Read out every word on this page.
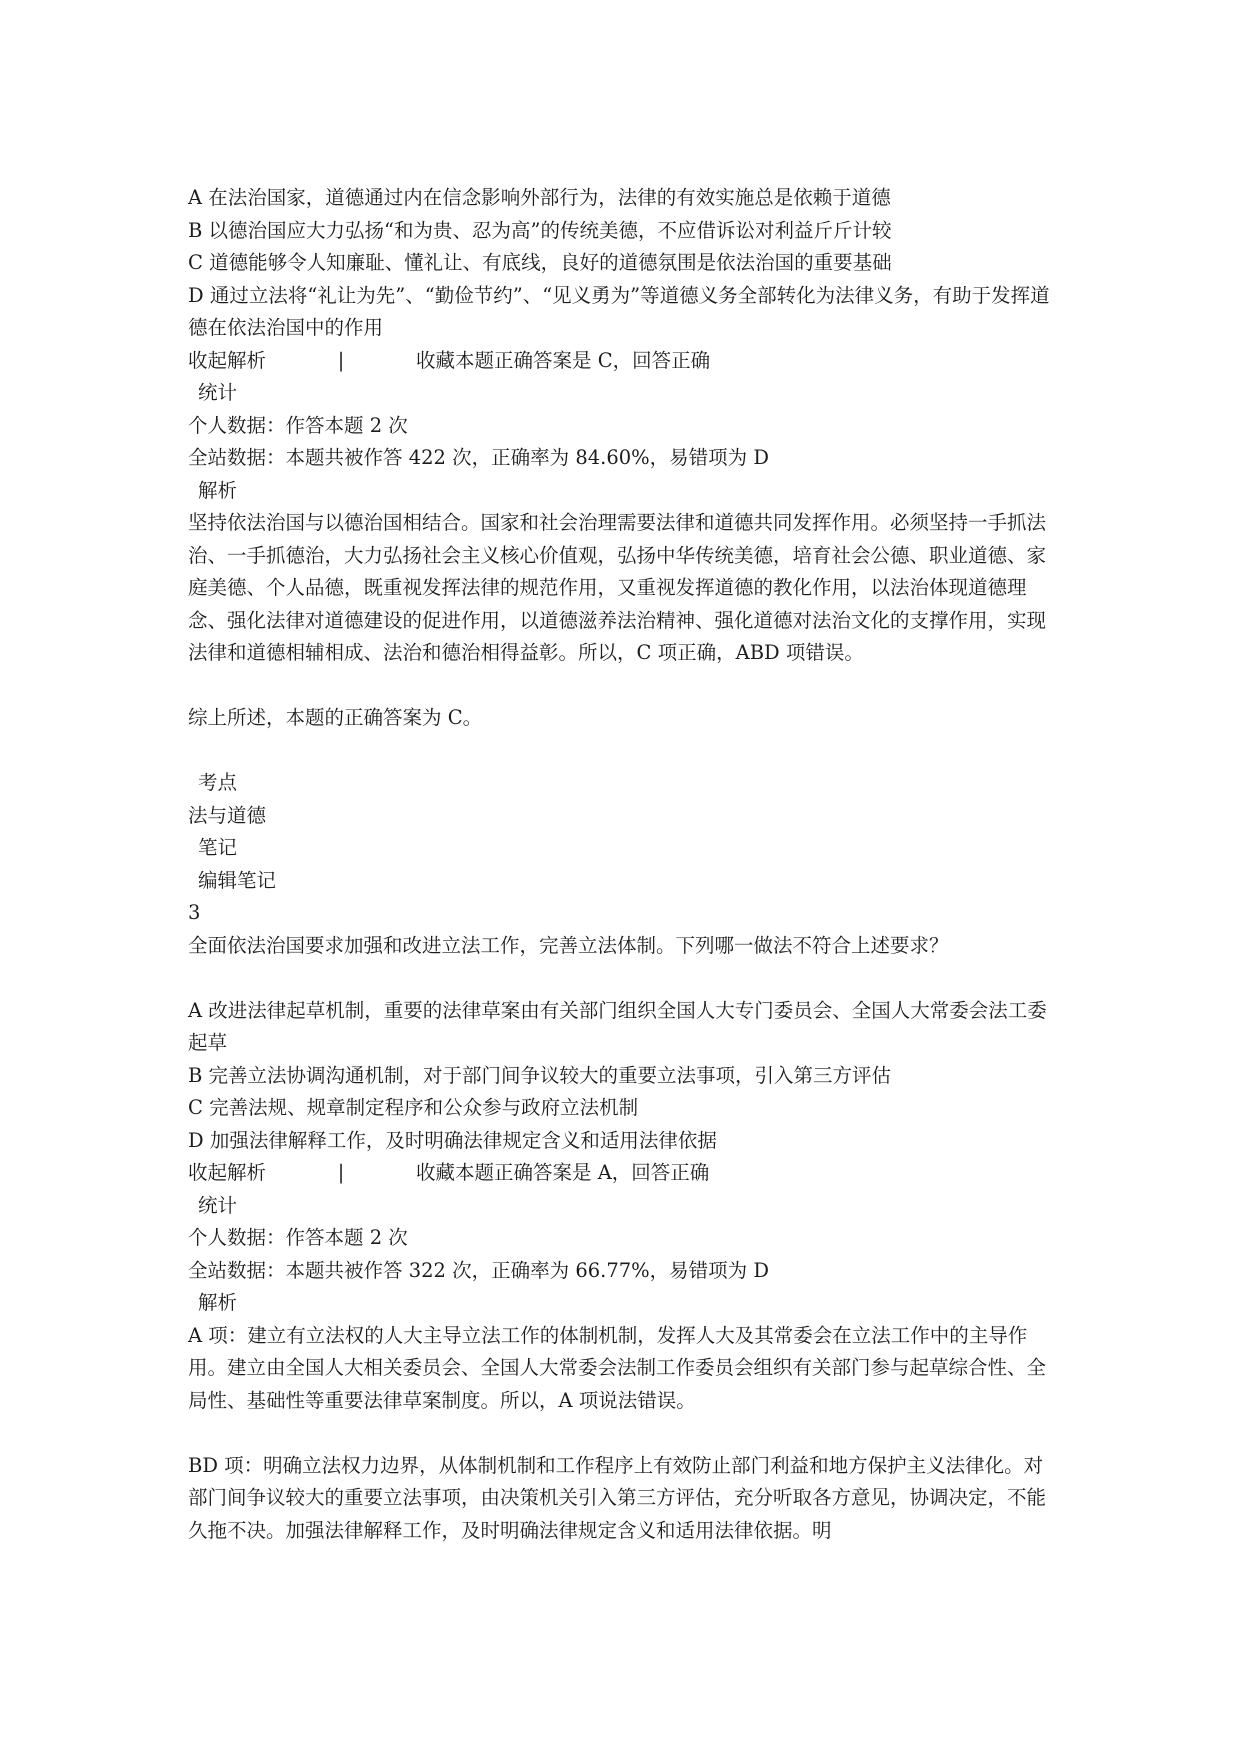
A 在法治国家，道德通过内在信念影响外部行为，法律的有效实施总是依赖于道德
B 以德治国应大力弘扬“和为贵、忍为高”的传统美德，不应借诉讼对利益斤斤计较
C 道德能够令人知廉耻、懂礼让、有底线，良好的道德氛围是依法治国的重要基础
D 通过立法将“礼让为先”、“勤俭节约”、“见义勇为”等道德义务全部转化为法律义务，有助于发挥道德在依法治国中的作用
收起解析	|	收藏本题 正确答案是 C，回答正确
统计
个人数据：作答本题 2 次
全站数据：本题共被作答 422 次，正确率为 84.60%，易错项为 D
解析
坚持依法治国与以德治国相结合。国家和社会治理需要法律和道德共同发挥作用。必须坚持一手抓法治、一手抓德治，大力弘扬社会主义核心价值观，弘扬中华传统美德，培育社会公德、职业道德、家庭美德、个人品德，既重视发挥法律的规范作用，又重视发挥道德的教化作用，以法治体现道德理念、强化法律对道德建设的促进作用，以道德滋养法治精神、强化道德对法治文化的支撑作用，实现法律和道德相辅相成、法治和德治相得益彰。所以，C 项正确，ABD 项错误。
综上所述，本题的正确答案为 C。
考点
法与道德
笔记
编辑笔记
3
全面依法治国要求加强和改进立法工作，完善立法体制。下列哪一做法不符合上述要求？
A 改进法律起草机制，重要的法律草案由有关部门组织全国人大专门委员会、全国人大常委会法工委起草
B 完善立法协调沟通机制，对于部门间争议较大的重要立法事项，引入第三方评估
C 完善法规、规章制定程序和公众参与政府立法机制
D 加强法律解释工作，及时明确法律规定含义和适用法律依据
收起解析	|	收藏本题 正确答案是 A，回答正确
统计
个人数据：作答本题 2 次
全站数据：本题共被作答 322 次，正确率为 66.77%，易错项为 D
解析
A 项：建立有立法权的人大主导立法工作的体制机制，发挥人大及其常委会在立法工作中的主导作用。建立由全国人大相关委员会、全国人大常委会法制工作委员会组织有关部门参与起草综合性、全局性、基础性等重要法律草案制度。所以，A 项说法错误。
BD 项：明确立法权力边界，从体制机制和工作程序上有效防止部门利益和地方保护主义法律化。对部门间争议较大的重要立法事项，由决策机关引入第三方评估，充分听取各方意见，协调决定，不能久拖不决。加强法律解释工作，及时明确法律规定含义和适用法律依据。明
